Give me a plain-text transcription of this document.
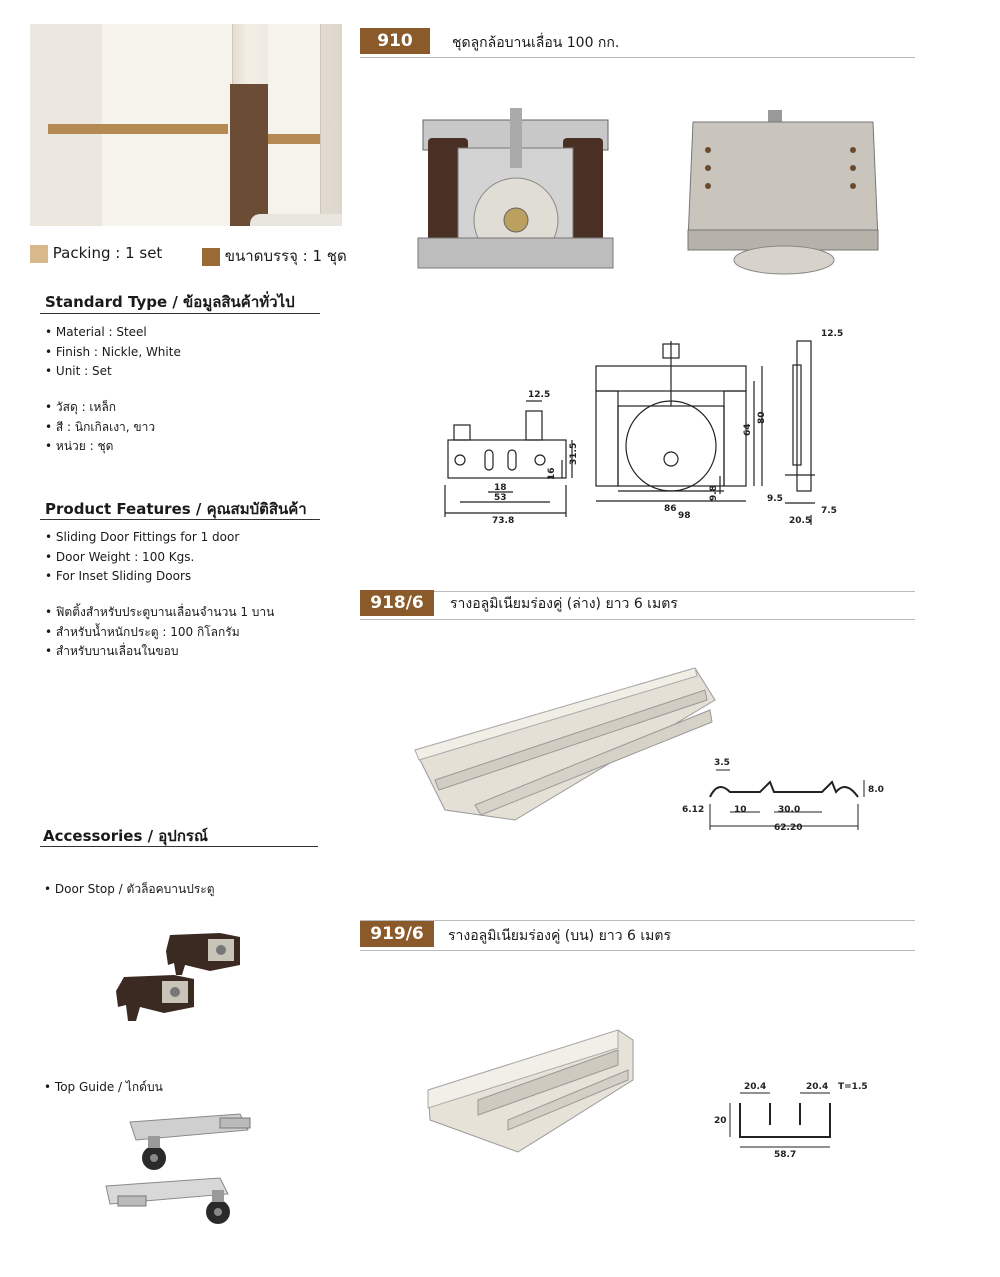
Packing : 1 set	ขนาดบรรจุ : 1 ชุด
Standard Type / ข้อมูลสินค้าทั่วไป
• Material : Steel
• Finish : Nickle, White
• Unit : Set
• วัสดุ : เหล็ก
• สี : นิกเกิลเงา, ขาว
• หน่วย : ชุด
Product Features / คุณสมบัติสินค้า
• Sliding Door Fittings for 1 door
• Door Weight : 100 Kgs.
• For Inset Sliding Doors
• ฟิตติ้งสำหรับประตูบานเลื่อนจำนวน 1 บาน
• สำหรับน้ำหนักประตู : 100 กิโลกรัม
• สำหรับบานเลื่อนในขอบ
Accessories / อุปกรณ์
• Door Stop / ตัวล็อคบานประตู
• Top Guide / ไกด์บน
910	ชุดลูกล้อบานเลื่อน 100 กก.
12.5
31.5
16
18
53
73.8
64
80
9.8
86
98
12.5
9.5
7.5
20.5
918/6	รางอลูมิเนียมร่องคู่ (ล่าง) ยาว 6 เมตร
3.5
8.0
6.12	10	30.0
62.20
919/6	รางอลูมิเนียมร่องคู่ (บน) ยาว 6 เมตร
20.4	20.4 T=1.5
20
58.7
